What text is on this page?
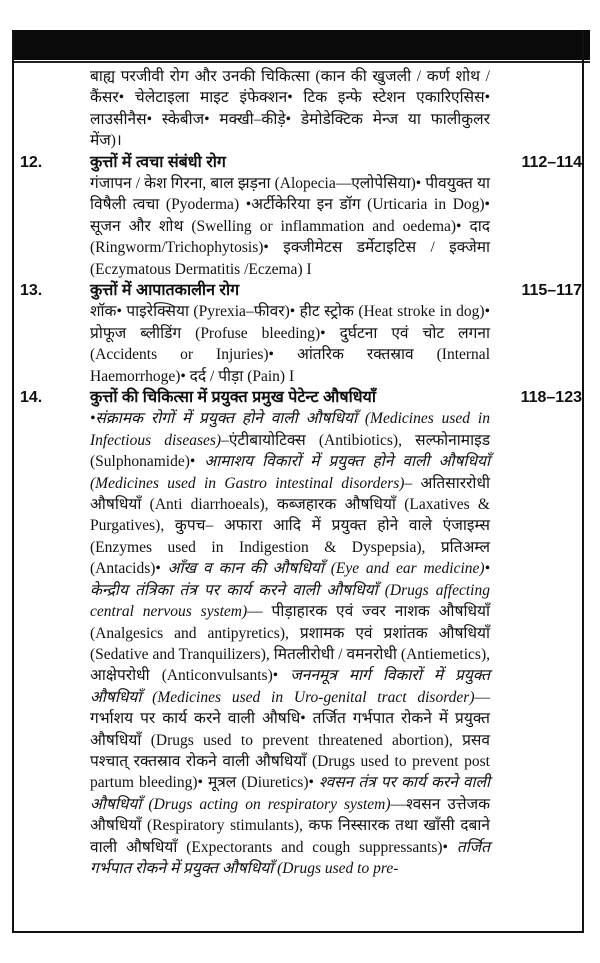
बाह्य परजीवी रोग और उनकी चिकित्सा (कान की खुजली / कर्ण शोथ / कैंसर• चेलेटाइला माइट इंफेक्शन• टिक इन्फे स्टेशन एकारिएसिस• लाउसीनैस• स्केबीज• मक्खी–कीड़े• डेमोडेक्टिक मेन्ज या फालीकुलर मेंज)।
12.	कुत्तों में त्वचा संबंधी रोग	112–114
गंजापन / केश गिरना, बाल झड़ना (Alopecia—एलोपेसिया)• पीवयुक्त या विषैली त्वचा (Pyoderma) •अर्टीकेरिया इन डॉग (Urticaria in Dog)• सूजन और शोथ (Swelling or inflammation and oedema)• दाद (Ringworm/Trichophytosis)• इक्जीमेटस डर्मेटाइटिस / इक्जेमा (Eczymatous Dermatitis /Eczema) I
13.	कुत्तों में आपातकालीन रोग	115–117
शॉक• पाइरेक्सिया (Pyrexia–फीवर)• हीट स्ट्रोक (Heat stroke in dog)• प्रोफूज ब्लीडिंग (Profuse bleeding)• दुर्घटना एवं चोट लगना (Accidents or Injuries)• आंतरिक रक्तस्राव (Internal Haemorrhoge)• दर्द / पीड़ा (Pain) I
14.	कुत्तों की चिकित्सा में प्रयुक्त प्रमुख पेटेन्ट औषधियाँ	118–123
•संक्रामक रोगों में प्रयुक्त होने वाली औषधियाँ (Medicines used in Infectious diseases)–एंटीबायोटिक्स (Antibiotics), सल्फोनामाइड (Sulphonamide)• आमाशय विकारों में प्रयुक्त होने वाली औषधियाँ (Medicines used in Gastro intestinal disorders)– अतिसाररोधी औषधियाँ (Anti diarrhoeals), कब्जहारक औषधियाँ (Laxatives & Purgatives), कुपच– अफारा आदि में प्रयुक्त होने वाले एंजाइम्स (Enzymes used in Indigestion & Dyspepsia), प्रतिअम्ल (Antacids)• आँख व कान की औषधियाँ (Eye and ear medicine)• केन्द्रीय तंत्रिका तंत्र पर कार्य करने वाली औषधियाँ (Drugs affecting central nervous system)— पीड़ाहारक एवं ज्वर नाशक औषधियाँ (Analgesics and antipyretics), प्रशामक एवं प्रशांतक औषधियाँ (Sedative and Tranquilizers), मितलीरोधी / वमनरोधी (Antiemetics), आक्षेपरोधी (Anticonvulsants)• जननमूत्र मार्ग विकारों में प्रयुक्त औषधियाँ (Medicines used in Uro-genital tract disorder)—गर्भाशय पर कार्य करने वाली औषधि• तर्जित गर्भपात रोकने में प्रयुक्त औषधियाँ (Drugs used to prevent threatened abortion), प्रसव पश्चात् रक्तस्राव रोकने वाली औषधियाँ (Drugs used to prevent post partum bleeding)• मूत्रल (Diuretics)• श्वसन तंत्र पर कार्य करने वाली औषधियाँ (Drugs acting on respiratory system)—श्वसन उत्तेजक औषधियाँ (Respiratory stimulants), कफ निस्सारक तथा खाँसी दबाने वाली औषधियाँ (Expectorants and cough suppressants)• तर्जित गर्भपात रोकने में प्रयुक्त औषधियाँ (Drugs used to pre-
